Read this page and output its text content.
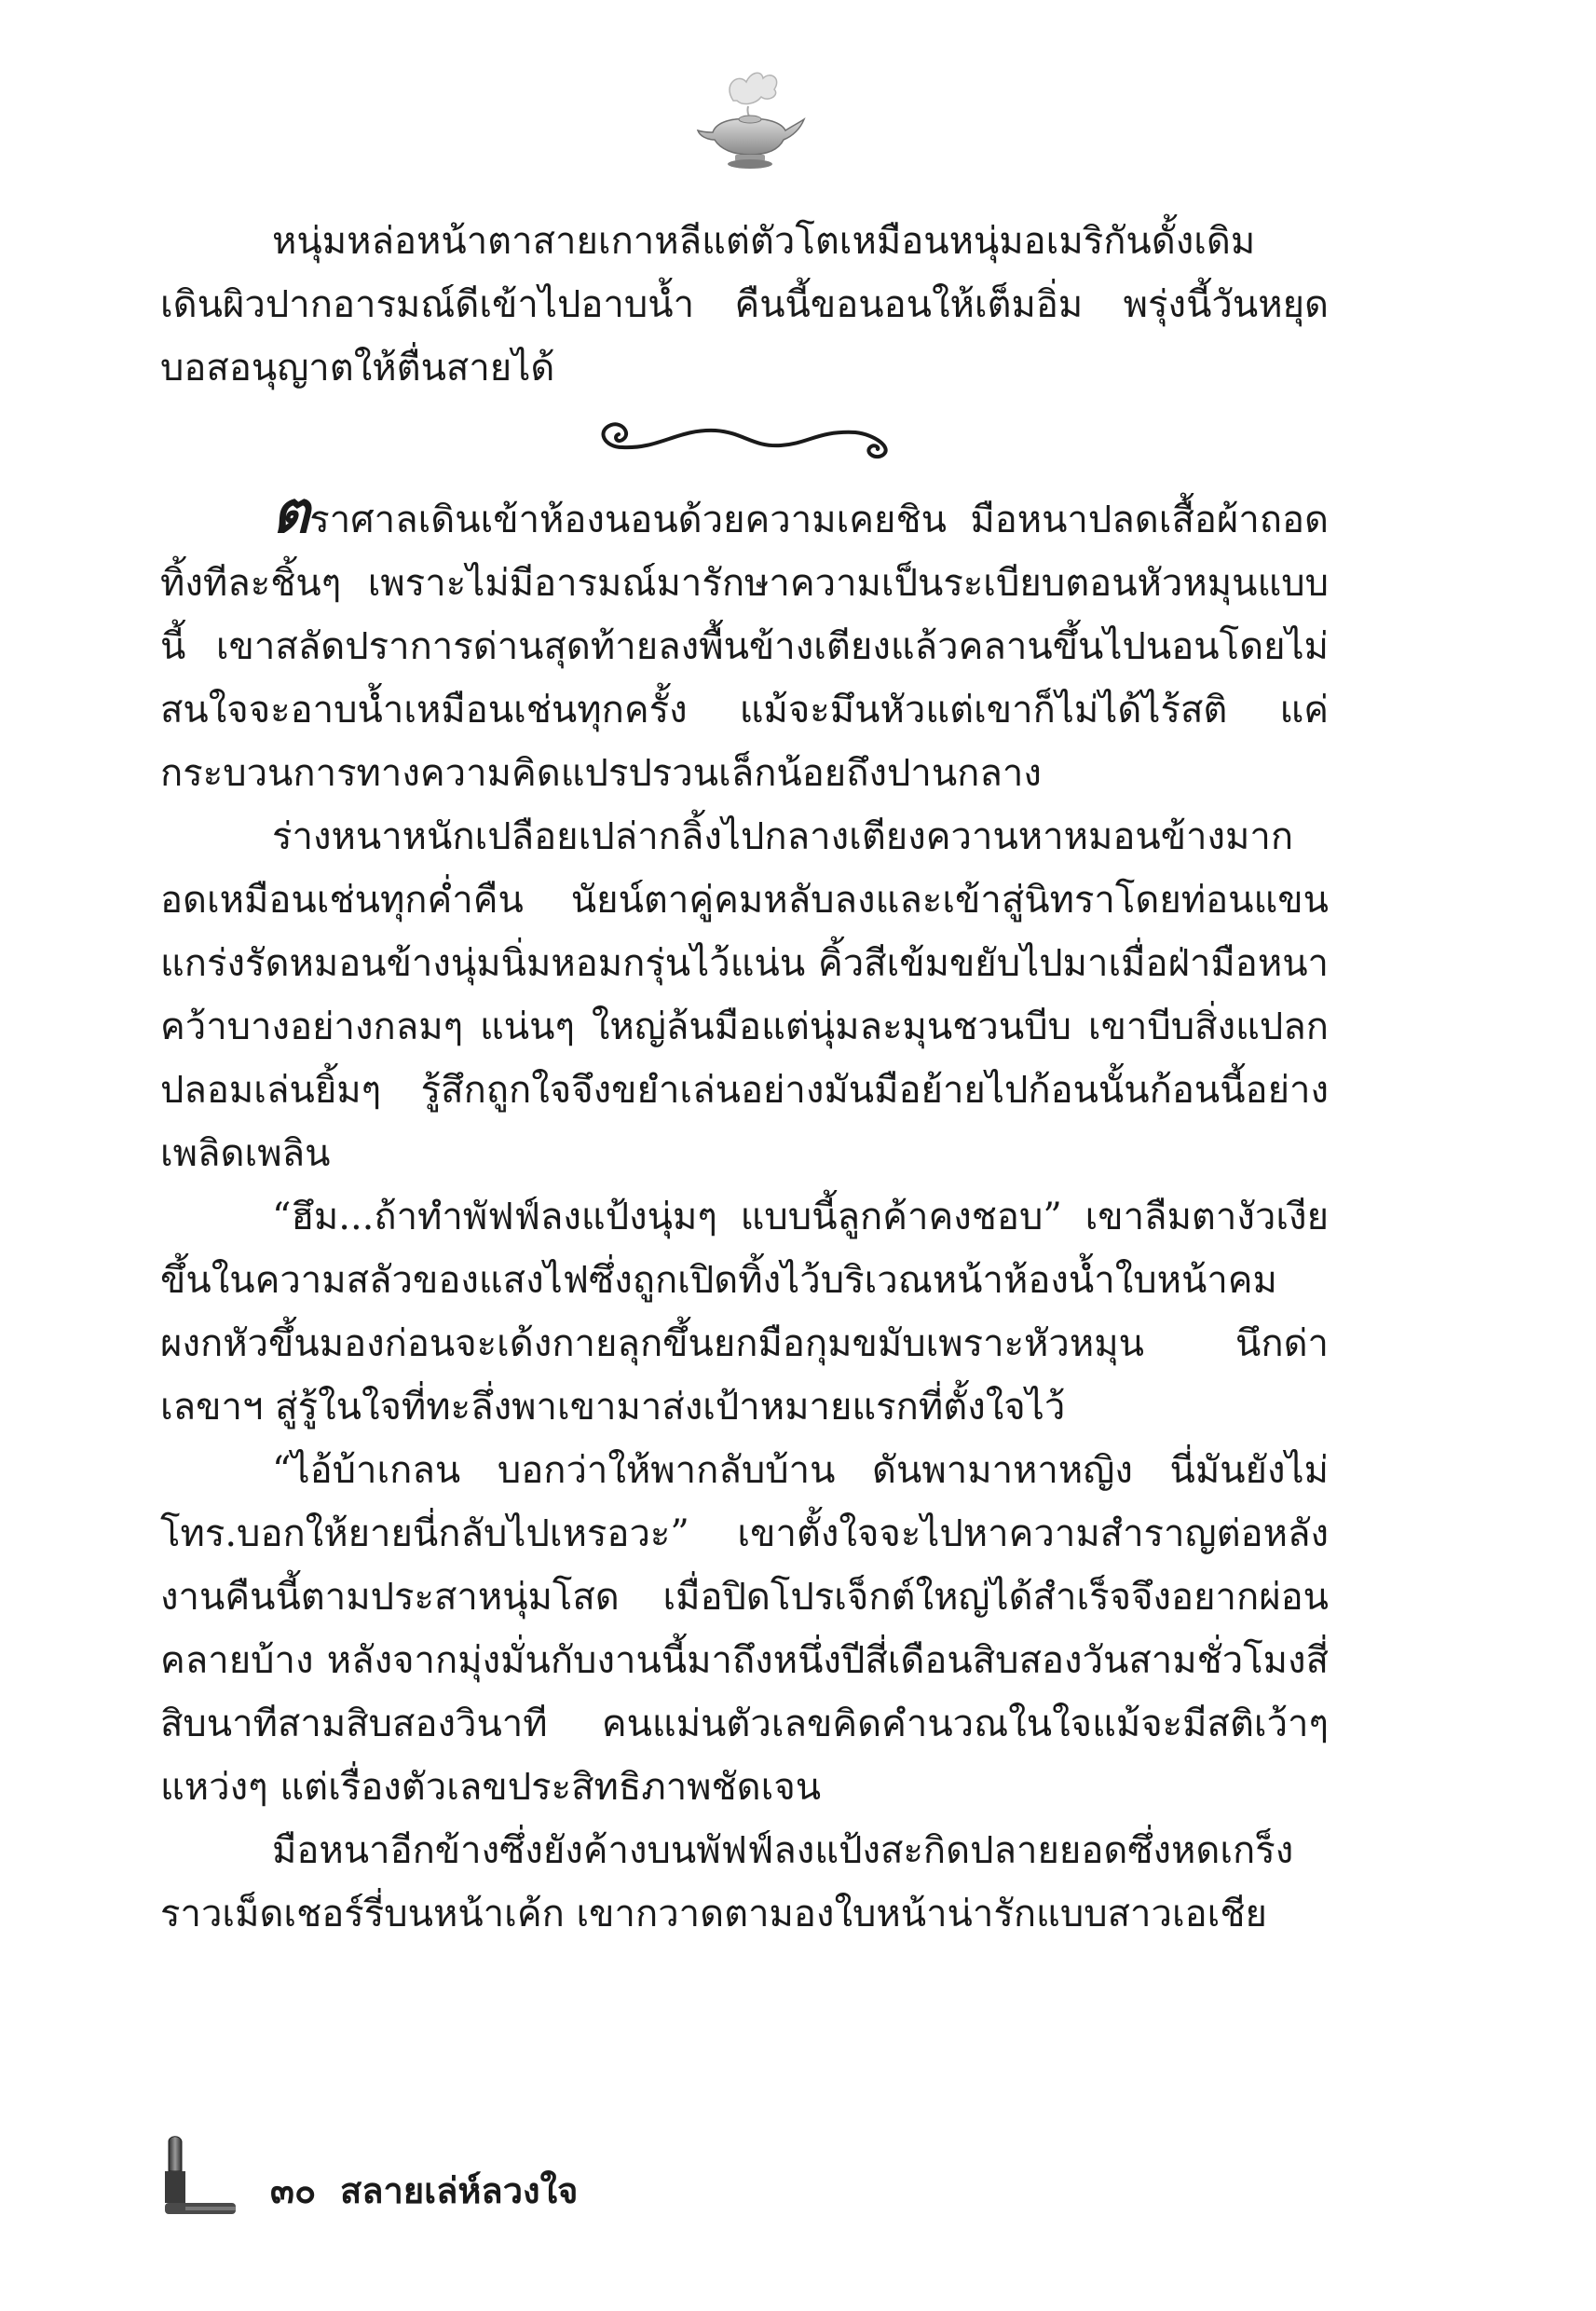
หนุ่มหล่อหน้าตาสายเกาหลีแต่ตัวโตเหมือนหนุ่มอเมริกันดั้งเดิม เดินผิวปากอารมณ์ดีเข้าไปอาบน้ำ คืนนี้ขอนอนให้เต็มอิ่ม พรุ่งนี้วันหยุด บอสอนุญาตให้ตื่นสายได้

ตราศาลเดินเข้าห้องนอนด้วยความเคยชิน มือหนาปลดเสื้อผ้าถอดทิ้งทีละชิ้นๆ เพราะไม่มีอารมณ์มารักษาความเป็นระเบียบตอนหัวหมุนแบบนี้ เขาสลัดปราการด่านสุดท้ายลงพื้นข้างเตียงแล้วคลานขึ้นไปนอนโดยไม่สนใจจะอาบน้ำเหมือนเช่นทุกครั้ง แม้จะมึนหัวแต่เขาก็ไม่ได้ไร้สติ แค่กระบวนการทางความคิดแปรปรวนเล็กน้อยถึงปานกลาง

ร่างหนาหนักเปลือยเปล่ากลิ้งไปกลางเตียงควานหาหมอนข้างมากอดเหมือนเช่นทุกค่ำคืน นัยน์ตาคู่คมหลับลงและเข้าสู่นิทราโดยท่อนแขนแกร่งรัดหมอนข้างนุ่มนิ่มหอมกรุ่นไว้แน่น คิ้วสีเข้มขยับไปมาเมื่อฝ่ามือหนาคว้าบางอย่างกลมๆ แน่นๆ ใหญ่ล้นมือแต่นุ่มละมุนชวนบีบ เขาบีบสิ่งแปลกปลอมเล่นยิ้มๆ รู้สึกถูกใจจึงขยำเล่นอย่างมันมือย้ายไปก้อนนั้นก้อนนี้อย่างเพลิดเพลิน

“ฮึม...ถ้าทำพัฟฟ์ลงแป้งนุ่มๆ แบบนี้ลูกค้าคงชอบ” เขาลืมตางัวเงียขึ้นในความสลัวของแสงไฟซึ่งถูกเปิดทิ้งไว้บริเวณหน้าห้องน้ำใบหน้าคมผงกหัวขึ้นมองก่อนจะเด้งกายลุกขึ้นยกมือกุมขมับเพราะหัวหมุน นึกด่าเลขาฯ สู่รู้ในใจที่ทะลึ่งพาเขามาส่งเป้าหมายแรกที่ตั้งใจไว้

“ไอ้บ้าเกลน บอกว่าให้พากลับบ้าน ดันพามาหาหญิง นี่มันยังไม่โทร.บอกให้ยายนี่กลับไปเหรอวะ” เขาตั้งใจจะไปหาความสำราญต่อหลังงานคืนนี้ตามประสาหนุ่มโสด เมื่อปิดโปรเจ็กต์ใหญ่ได้สำเร็จจึงอยากผ่อนคลายบ้าง หลังจากมุ่งมั่นกับงานนี้มาถึงหนึ่งปีสี่เดือนสิบสองวันสามชั่วโมงสี่สิบนาทีสามสิบสองวินาที คนแม่นตัวเลขคิดคำนวณในใจแม้จะมีสติเว้าๆ แหว่งๆ แต่เรื่องตัวเลขประสิทธิภาพชัดเจน

มือหนาอีกข้างซึ่งยังค้างบนพัฟฟ์ลงแป้งสะกิดปลายยอดซึ่งหดเกร็งราวเม็ดเชอร์รี่บนหน้าเค้ก เขากวาดตามองใบหน้าน่ารักแบบสาวเอเชีย

๓๐ สลายเล่ห์ลวงใจ
